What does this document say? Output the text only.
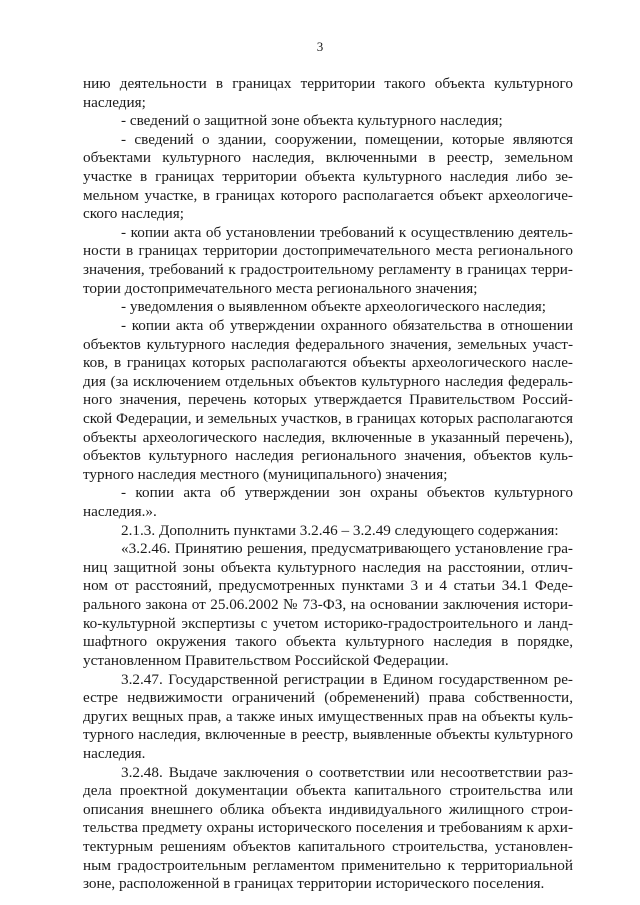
3
нию деятельности в границах территории такого объекта культурного
наследия;
- сведений о защитной зоне объекта культурного наследия;
- сведений о здании, сооружении, помещении, которые являются
объектами культурного наследия, включенными в реестр, земельном
участке в границах территории объекта культурного наследия либо зе-
мельном участке, в границах которого располагается объект археологиче-
ского наследия;
- копии акта об установлении требований к осуществлению деятель-
ности в границах территории достопримечательного места регионального
значения, требований к градостроительному регламенту в границах терри-
тории достопримечательного места регионального значения;
- уведомления о выявленном объекте археологического наследия;
- копии акта об утверждении охранного обязательства в отношении
объектов культурного наследия федерального значения, земельных участ-
ков, в границах которых располагаются объекты археологического насле-
дия (за исключением отдельных объектов культурного наследия федераль-
ного значения, перечень которых утверждается Правительством Россий-
ской Федерации, и земельных участков, в границах которых располагаются
объекты археологического наследия, включенные в указанный перечень),
объектов культурного наследия регионального значения, объектов куль-
турного наследия местного (муниципального) значения;
- копии акта об утверждении зон охраны объектов культурного
наследия.».
2.1.3. Дополнить пунктами 3.2.46 – 3.2.49 следующего содержания:
«3.2.46. Принятию решения, предусматривающего установление гра-
ниц защитной зоны объекта культурного наследия на расстоянии, отлич-
ном от расстояний, предусмотренных пунктами 3 и 4 статьи 34.1 Феде-
рального закона от 25.06.2002 № 73-ФЗ, на основании заключения истори-
ко-культурной экспертизы с учетом историко-градостроительного и ланд-
шафтного окружения такого объекта культурного наследия в порядке,
установленном Правительством Российской Федерации.
3.2.47. Государственной регистрации в Едином государственном ре-
естре недвижимости ограничений (обременений) права собственности,
других вещных прав, а также иных имущественных прав на объекты куль-
турного наследия, включенные в реестр, выявленные объекты культурного
наследия.
3.2.48. Выдаче заключения о соответствии или несоответствии раз-
дела проектной документации объекта капитального строительства или
описания внешнего облика объекта индивидуального жилищного строи-
тельства предмету охраны исторического поселения и требованиям к архи-
тектурным решениям объектов капитального строительства, установлен-
ным градостроительным регламентом применительно к территориальной
зоне, расположенной в границах территории исторического поселения.
